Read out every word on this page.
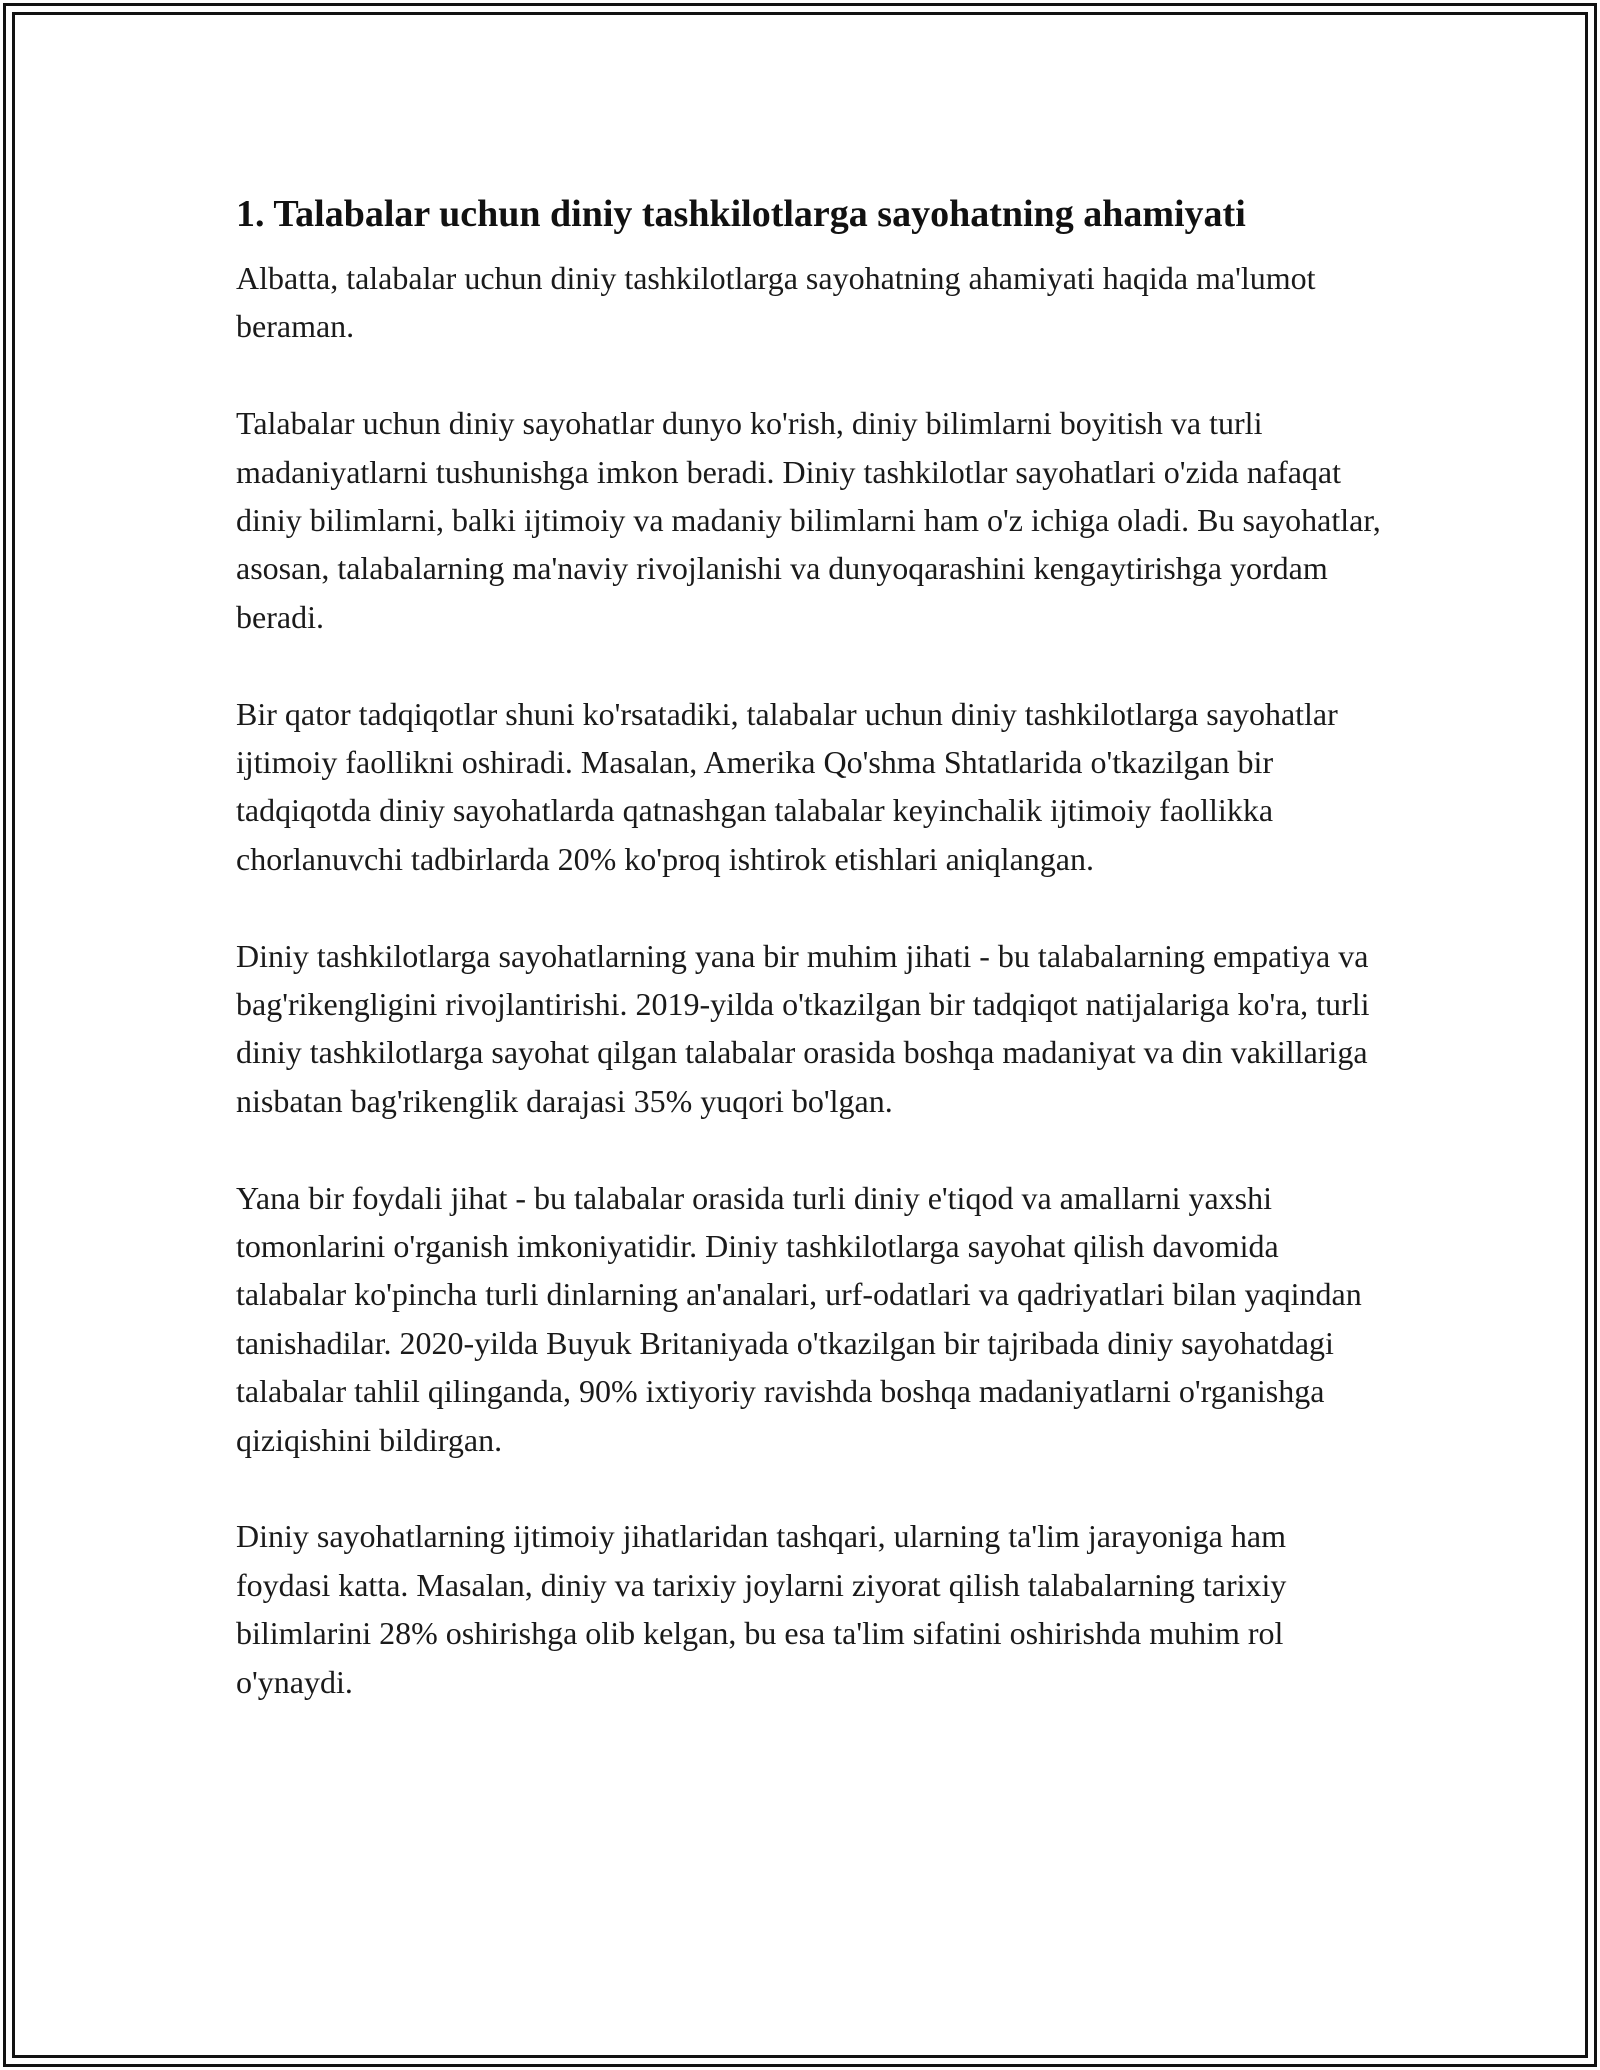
1. Talabalar uchun diniy tashkilotlarga sayohatning ahamiyati

Albatta, talabalar uchun diniy tashkilotlarga sayohatning ahamiyati haqida ma'lumot beraman.

Talabalar uchun diniy sayohatlar dunyo ko'rish, diniy bilimlarni boyitish va turli madaniyatlarni tushunishga imkon beradi. Diniy tashkilotlar sayohatlari o'zida nafaqat diniy bilimlarni, balki ijtimoiy va madaniy bilimlarni ham o'z ichiga oladi. Bu sayohatlar, asosan, talabalarning ma'naviy rivojlanishi va dunyoqarashini kengaytirishga yordam beradi.

Bir qator tadqiqotlar shuni ko'rsatadiki, talabalar uchun diniy tashkilotlarga sayohatlar ijtimoiy faollikni oshiradi. Masalan, Amerika Qo'shma Shtatlarida o'tkazilgan bir tadqiqotda diniy sayohatlarda qatnashgan talabalar keyinchalik ijtimoiy faollikka chorlanuvchi tadbirlarda 20% ko'proq ishtirok etishlari aniqlangan.

Diniy tashkilotlarga sayohatlarning yana bir muhim jihati - bu talabalarning empatiya va bag'rikengligini rivojlantirishi. 2019-yilda o'tkazilgan bir tadqiqot natijalariga ko'ra, turli diniy tashkilotlarga sayohat qilgan talabalar orasida boshqa madaniyat va din vakillariga nisbatan bag'rikenglik darajasi 35% yuqori bo'lgan.

Yana bir foydali jihat - bu talabalar orasida turli diniy e'tiqod va amallarni yaxshi tomonlarini o'rganish imkoniyatidir. Diniy tashkilotlarga sayohat qilish davomida talabalar ko'pincha turli dinlarning an'analari, urf-odatlari va qadriyatlari bilan yaqindan tanishadilar. 2020-yilda Buyuk Britaniyada o'tkazilgan bir tajribada diniy sayohatdagi talabalar tahlil qilinganda, 90% ixtiyoriy ravishda boshqa madaniyatlarni o'rganishga qiziqishini bildirgan.

Diniy sayohatlarning ijtimoiy jihatlaridan tashqari, ularning ta'lim jarayoniga ham foydasi katta. Masalan, diniy va tarixiy joylarni ziyorat qilish talabalarning tarixiy bilimlarini 28% oshirishga olib kelgan, bu esa ta'lim sifatini oshirishda muhim rol o'ynaydi.
